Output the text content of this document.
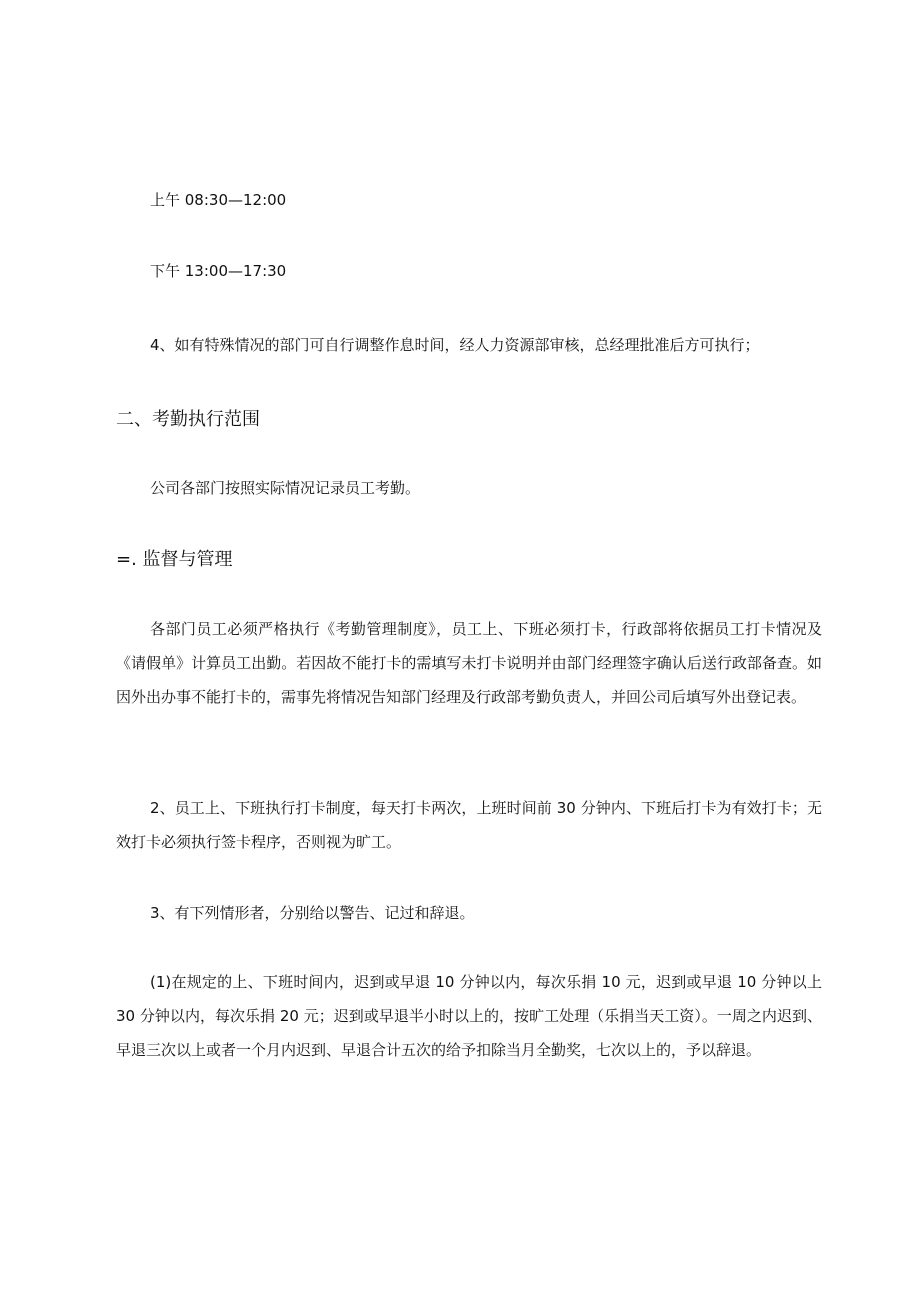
上午 08:30—12:00

下午 13:00—17:30

4、如有特殊情况的部门可自行调整作息时间，经人力资源部审核，总经理批准后方可执行；

二、考勤执行范围

公司各部门按照实际情况记录员工考勤。

=. 监督与管理

各部门员工必须严格执行《考勤管理制度》，员工上、下班必须打卡，行政部将依据员工打卡情况及《请假单》计算员工出勤。若因故不能打卡的需填写未打卡说明并由部门经理签字确认后送行政部备查。如因外出办事不能打卡的，需事先将情况告知部门经理及行政部考勤负责人，并回公司后填写外出登记表。

2、员工上、下班执行打卡制度，每天打卡两次，上班时间前 30 分钟内、下班后打卡为有效打卡；无效打卡必须执行签卡程序，否则视为旷工。

3、有下列情形者，分别给以警告、记过和辞退。

(1)在规定的上、下班时间内，迟到或早退 10 分钟以内，每次乐捐 10 元，迟到或早退 10 分钟以上 30 分钟以内，每次乐捐 20 元；迟到或早退半小时以上的，按旷工处理（乐捐当天工资）。一周之内迟到、早退三次以上或者一个月内迟到、早退合计五次的给予扣除当月全勤奖，七次以上的，予以辞退。
